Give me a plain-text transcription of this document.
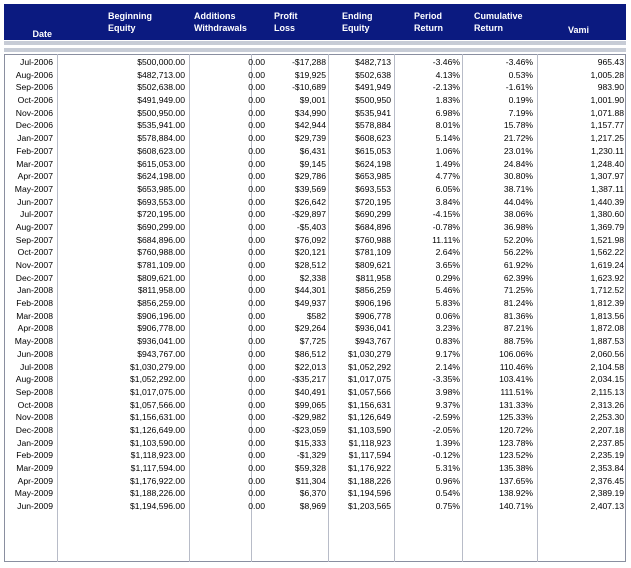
Date
Beginning
Equity
Additions
Withdrawals
Profit
Loss
Ending
Equity
Period
Return
Cumulative
Return	Vami
Jul-2006	$500,000.00	0.00	-$17,288	$482,713	-3.46%	-3.46%	965.43
Aug-2006	$482,713.00	0.00	$19,925	$502,638	4.13%	0.53%	1,005.28
Sep-2006	$502,638.00	0.00	-$10,689	$491,949	-2.13%	-1.61%	983.90
Oct-2006	$491,949.00	0.00	$9,001	$500,950	1.83%	0.19%	1,001.90
Nov-2006	$500,950.00	0.00	$34,990	$535,941	6.98%	7.19%	1,071.88
Dec-2006	$535,941.00	0.00	$42,944	$578,884	8.01%	15.78%	1,157.77
Jan-2007	$578,884.00	0.00	$29,739	$608,623	5.14%	21.72%	1,217.25
Feb-2007	$608,623.00	0.00	$6,431	$615,053	1.06%	23.01%	1,230.11
Mar-2007	$615,053.00	0.00	$9,145	$624,198	1.49%	24.84%	1,248.40
Apr-2007	$624,198.00	0.00	$29,786	$653,985	4.77%	30.80%	1,307.97
May-2007	$653,985.00	0.00	$39,569	$693,553	6.05%	38.71%	1,387.11
Jun-2007	$693,553.00	0.00	$26,642	$720,195	3.84%	44.04%	1,440.39
Jul-2007	$720,195.00	0.00	-$29,897	$690,299	-4.15%	38.06%	1,380.60
Aug-2007	$690,299.00	0.00	-$5,403	$684,896	-0.78%	36.98%	1,369.79
Sep-2007	$684,896.00	0.00	$76,092	$760,988	11.11%	52.20%	1,521.98
Oct-2007	$760,988.00	0.00	$20,121	$781,109	2.64%	56.22%	1,562.22
Nov-2007	$781,109.00	0.00	$28,512	$809,621	3.65%	61.92%	1,619.24
Dec-2007	$809,621.00	0.00	$2,338	$811,958	0.29%	62.39%	1,623.92
Jan-2008	$811,958.00	0.00	$44,301	$856,259	5.46%	71.25%	1,712.52
Feb-2008	$856,259.00	0.00	$49,937	$906,196	5.83%	81.24%	1,812.39
Mar-2008	$906,196.00	0.00	$582	$906,778	0.06%	81.36%	1,813.56
Apr-2008	$906,778.00	0.00	$29,264	$936,041	3.23%	87.21%	1,872.08
May-2008	$936,041.00	0.00	$7,725	$943,767	0.83%	88.75%	1,887.53
Jun-2008	$943,767.00	0.00	$86,512	$1,030,279	9.17%	106.06%	2,060.56
Jul-2008	$1,030,279.00	0.00	$22,013	$1,052,292	2.14%	110.46%	2,104.58
Aug-2008	$1,052,292.00	0.00	-$35,217	$1,017,075	-3.35%	103.41%	2,034.15
Sep-2008	$1,017,075.00	0.00	$40,491	$1,057,566	3.98%	111.51%	2,115.13
Oct-2008	$1,057,566.00	0.00	$99,065	$1,156,631	9.37%	131.33%	2,313.26
Nov-2008	$1,156,631.00	0.00	-$29,982	$1,126,649	-2.59%	125.33%	2,253.30
Dec-2008	$1,126,649.00	0.00	-$23,059	$1,103,590	-2.05%	120.72%	2,207.18
Jan-2009	$1,103,590.00	0.00	$15,333	$1,118,923	1.39%	123.78%	2,237.85
Feb-2009	$1,118,923.00	0.00	-$1,329	$1,117,594	-0.12%	123.52%	2,235.19
Mar-2009	$1,117,594.00	0.00	$59,328	$1,176,922	5.31%	135.38%	2,353.84
Apr-2009	$1,176,922.00	0.00	$11,304	$1,188,226	0.96%	137.65%	2,376.45
May-2009	$1,188,226.00	0.00	$6,370	$1,194,596	0.54%	138.92%	2,389.19
Jun-2009	$1,194,596.00	0.00	$8,969	$1,203,565	0.75%	140.71%	2,407.13
